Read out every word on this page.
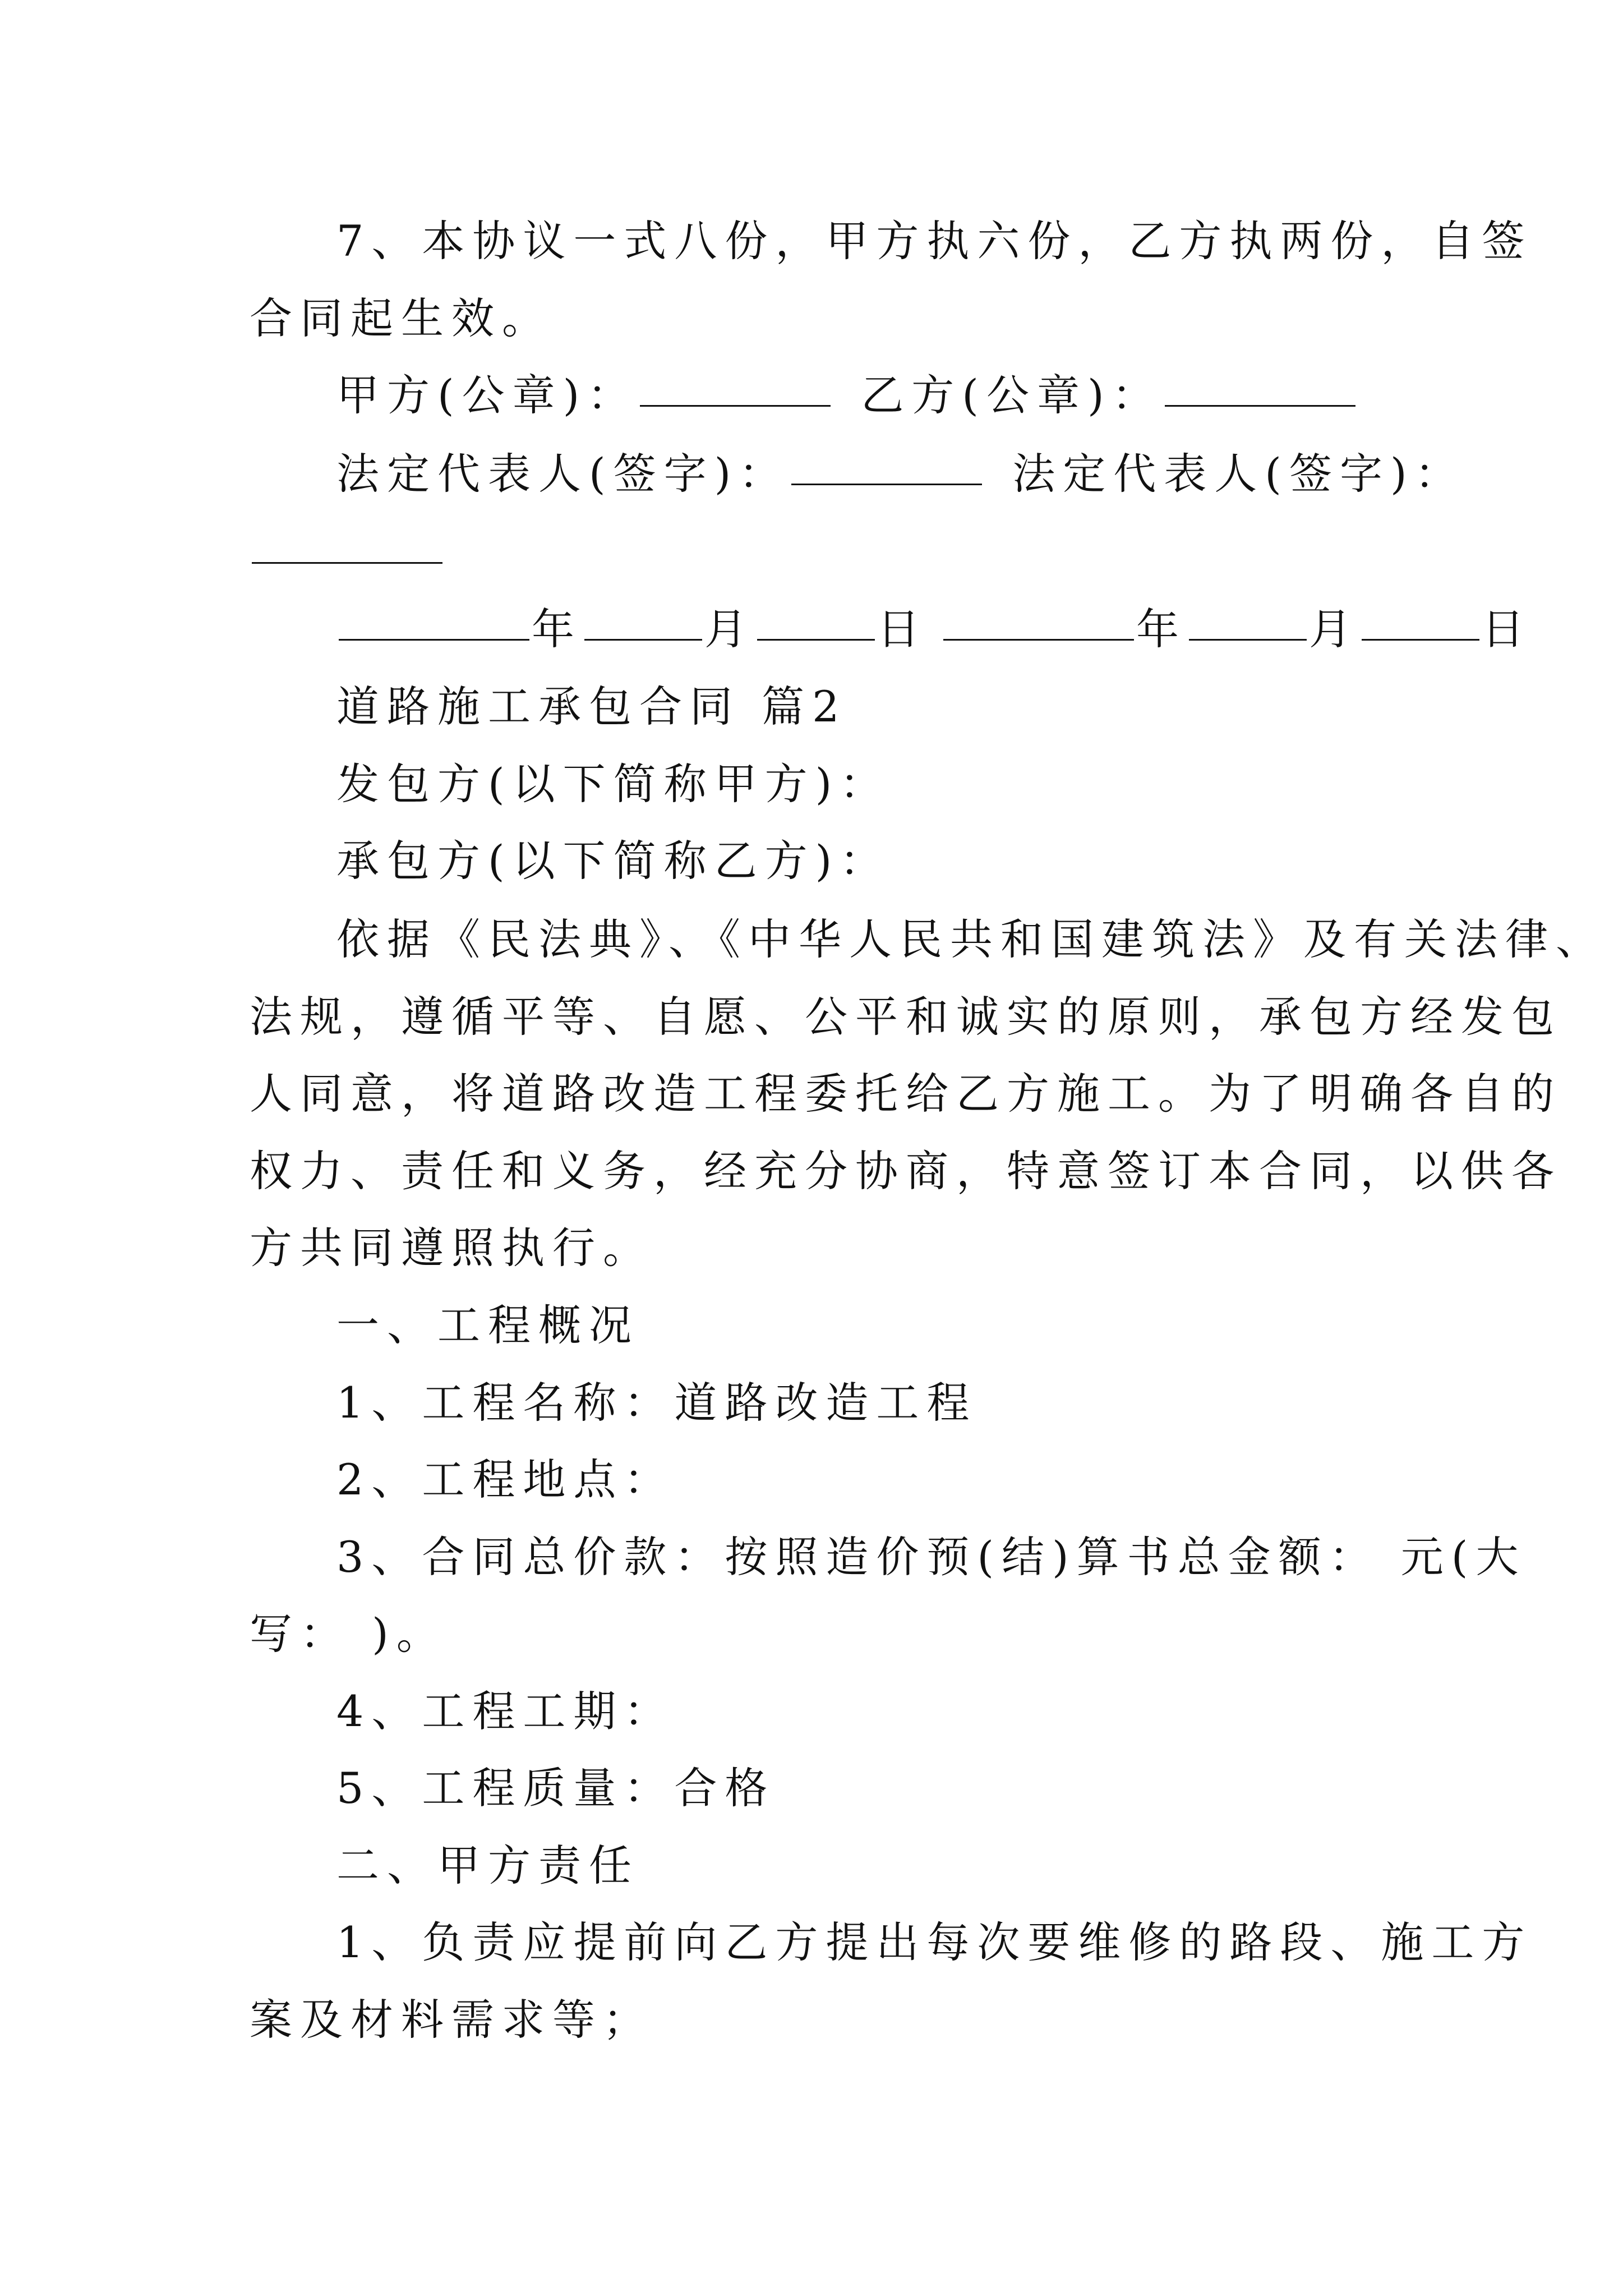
7、本协议一式八份，甲方执六份，乙方执两份，自签
合同起生效。
甲方(公章)：	乙方(公章)：
法定代表人(签字)：	法定代表人(签字)：
年	月	日	年	月	日
道路施工承包合同 篇2
发包方(以下简称甲方)：
承包方(以下简称乙方)：
依据《民法典》、《中华人民共和国建筑法》及有关法律、
法规，遵循平等、自愿、公平和诚实的原则，承包方经发包
人同意，将道路改造工程委托给乙方施工。为了明确各自的
权力、责任和义务，经充分协商，特意签订本合同，以供各
方共同遵照执行。
一、工程概况
1、工程名称：道路改造工程
2、工程地点：
3、合同总价款：按照造价预(结)算书总金额： 元(大
写： )。
4、工程工期：
5、工程质量：合格
二、甲方责任
1、负责应提前向乙方提出每次要维修的路段、施工方
案及材料需求等；
